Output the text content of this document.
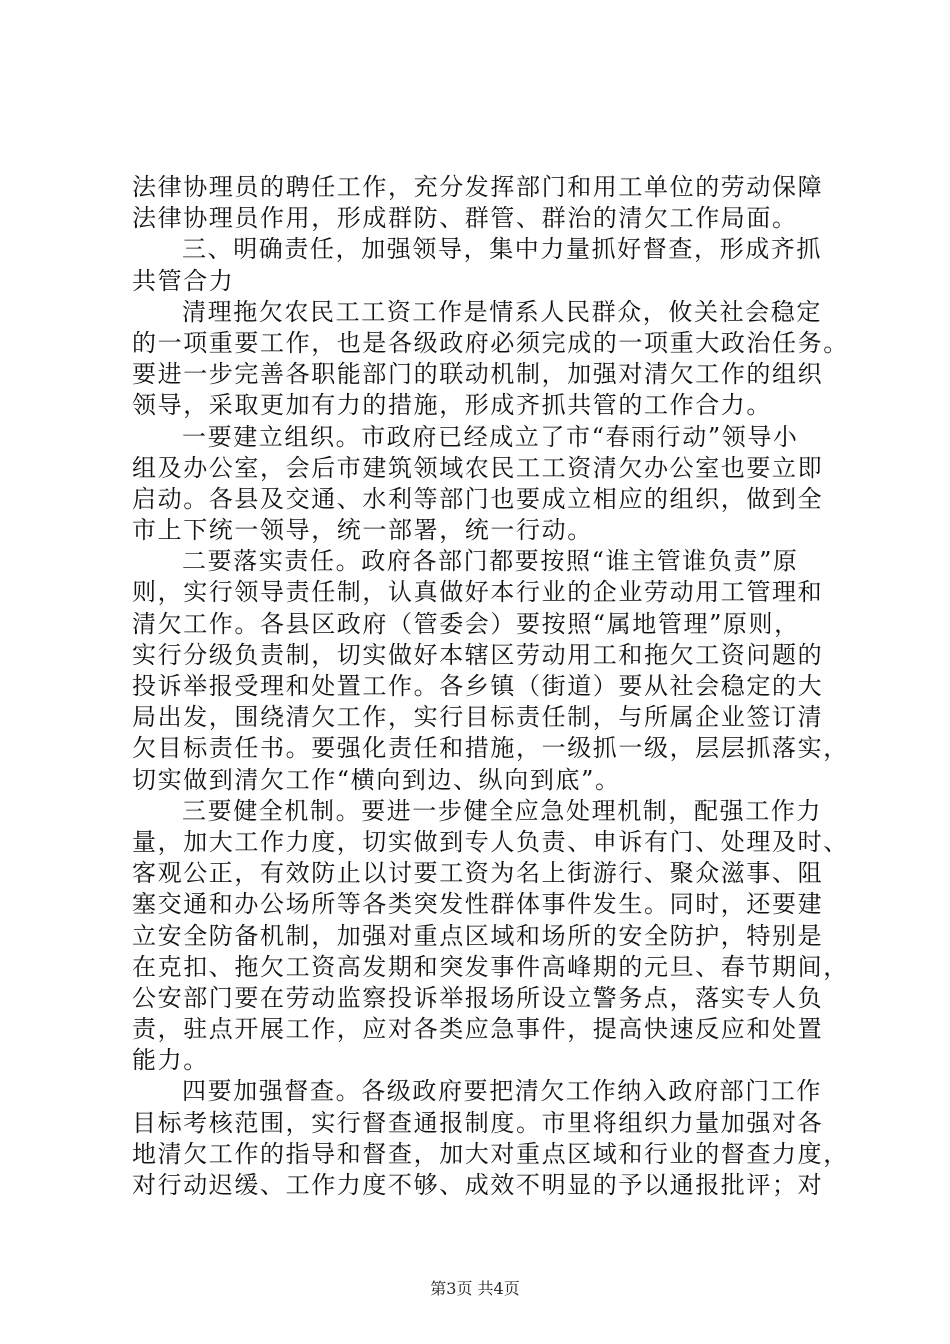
法律协理员的聘任工作，充分发挥部门和用工单位的劳动保障
法律协理员作用，形成群防、群管、群治的清欠工作局面。
三、明确责任，加强领导，集中力量抓好督查，形成齐抓
共管合力
清理拖欠农民工工资工作是情系人民群众，攸关社会稳定
的一项重要工作，也是各级政府必须完成的一项重大政治任务。
要进一步完善各职能部门的联动机制，加强对清欠工作的组织
领导，采取更加有力的措施，形成齐抓共管的工作合力。
一要建立组织。市政府已经成立了市“春雨行动”领导小
组及办公室，会后市建筑领域农民工工资清欠办公室也要立即
启动。各县及交通、水利等部门也要成立相应的组织，做到全
市上下统一领导，统一部署，统一行动。
二要落实责任。政府各部门都要按照“谁主管谁负责”原
则，实行领导责任制，认真做好本行业的企业劳动用工管理和
清欠工作。各县区政府（管委会）要按照“属地管理”原则，
实行分级负责制，切实做好本辖区劳动用工和拖欠工资问题的
投诉举报受理和处置工作。各乡镇（街道）要从社会稳定的大
局出发，围绕清欠工作，实行目标责任制，与所属企业签订清
欠目标责任书。要强化责任和措施，一级抓一级，层层抓落实，
切实做到清欠工作“横向到边、纵向到底”。
三要健全机制。要进一步健全应急处理机制，配强工作力
量，加大工作力度，切实做到专人负责、申诉有门、处理及时、
客观公正，有效防止以讨要工资为名上街游行、聚众滋事、阻
塞交通和办公场所等各类突发性群体事件发生。同时，还要建
立安全防备机制，加强对重点区域和场所的安全防护，特别是
在克扣、拖欠工资高发期和突发事件高峰期的元旦、春节期间，
公安部门要在劳动监察投诉举报场所设立警务点，落实专人负
责，驻点开展工作，应对各类应急事件，提高快速反应和处置
能力。
四要加强督查。各级政府要把清欠工作纳入政府部门工作
目标考核范围，实行督查通报制度。市里将组织力量加强对各
地清欠工作的指导和督查，加大对重点区域和行业的督查力度，
对行动迟缓、工作力度不够、成效不明显的予以通报批评；对
第3页 共4页
